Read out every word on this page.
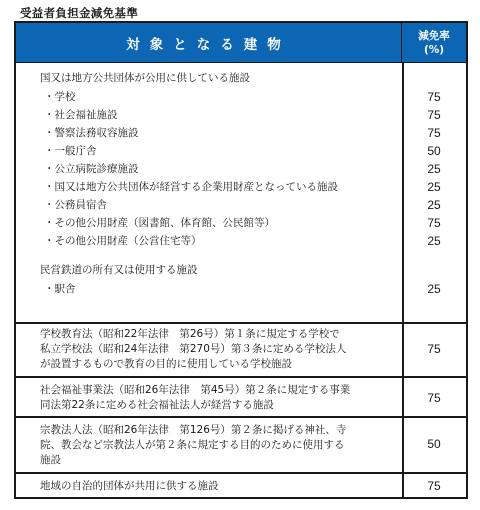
受益者負担金減免基準
対象となる建物
減免率
(%)
国又は地方公共団体が公用に供している施設
・学校	75
・社会福祉施設	75
・警察法務収容施設	75
・一般庁舎	50
・公立病院診療施設	25
・国又は地方公共団体が経営する企業用財産となっている施設	25
・公務員宿舎	25
・その他公用財産（図書館、体育館、公民館等）	75
・その他公用財産（公営住宅等）	25
民営鉄道の所有又は使用する施設
・駅舎	25
学校教育法（昭和22年法律　第26号）第１条に規定する学校で
私立学校法（昭和24年法律　第270号）第３条に定める学校法人
が設置するもので教育の目的に使用している学校施設
75
社会福祉事業法（昭和26年法律　第45号）第２条に規定する事業
同法第22条に定める社会福祉法人が経営する施設	75
宗教法人法（昭和26年法律　第126号）第２条に掲げる神社、寺
院、教会など宗教法人が第２条に規定する目的のために使用する
施設
50
地域の自治的団体が共用に供する施設	75
